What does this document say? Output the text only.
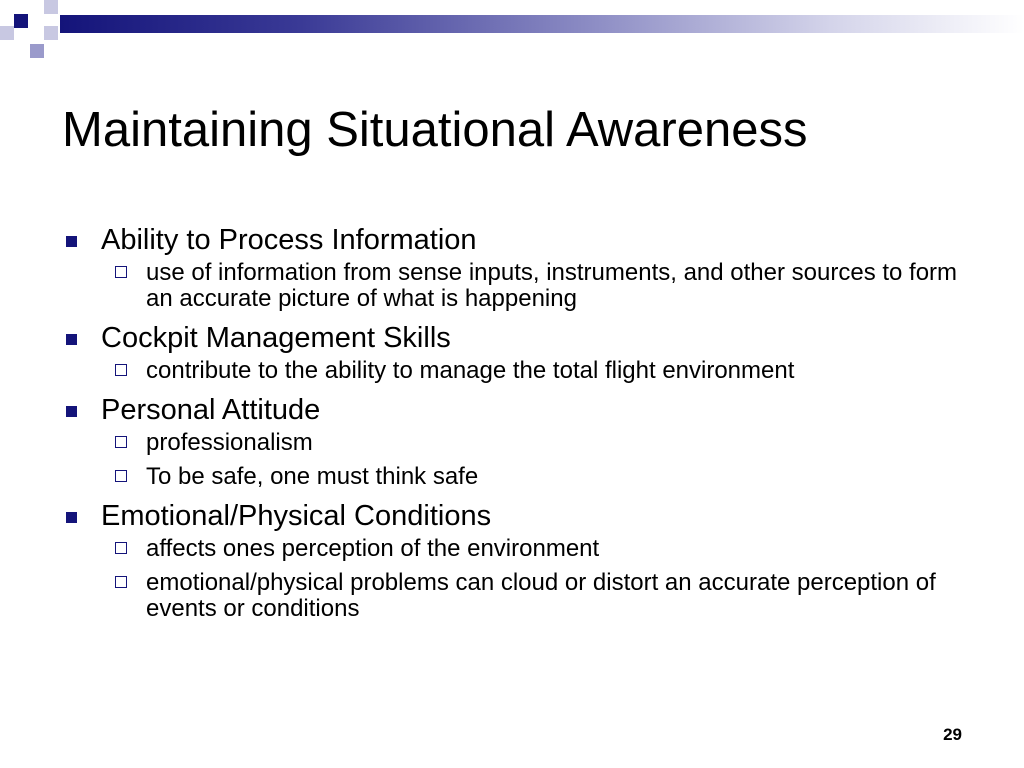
Maintaining Situational Awareness
Ability to Process Information
use of information from sense inputs, instruments, and other sources to form an accurate picture of what is happening
Cockpit Management Skills
contribute to the ability to manage the total flight environment
Personal Attitude
professionalism
To be safe, one must think safe
Emotional/Physical Conditions
affects ones perception of the environment
emotional/physical problems can cloud or distort an accurate perception of events or conditions
29
